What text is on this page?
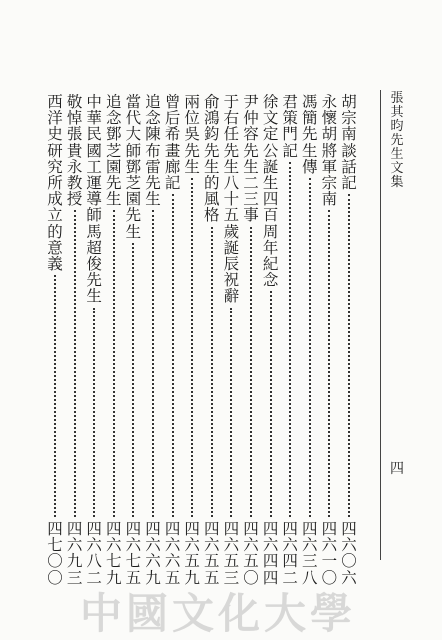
張
其
昀
先
生
文
集
四
胡
宗
南
談
話
記
四
六
〇
六
永
懷
胡
將
軍
宗
南
四
六
一
〇
馮
簡
先
生
傳
四
六
三
八
君
策
門
記
四
六
四
二
徐
文
定
公
誕
生
四
百
周
年
紀
念
四
六
四
四
尹
仲
容
先
生
二
三
事
四
六
五
〇
于
右
任
先
生
八
十
五
歲
誕
辰
祝
辭
四
六
五
三
俞
鴻
鈞
先
生
的
風
格
四
六
五
五
兩
位
吳
先
生
四
六
五
九
曾
后
希
畫
廊
記
四
六
六
五
追
念
陳
布
雷
先
生
四
六
六
九
當
代
大
師
鄧
芝
園
先
生
四
六
七
五
追
念
鄧
芝
園
先
生
四
六
七
九
中
華
民
國
工
運
導
師
馬
超
俊
先
生
四
六
八
二
敬
悼
張
貴
永
教
授
四
六
九
三
西
洋
史
研
究
所
成
立
的
意
義
四
七
〇
〇
中國文化大學
